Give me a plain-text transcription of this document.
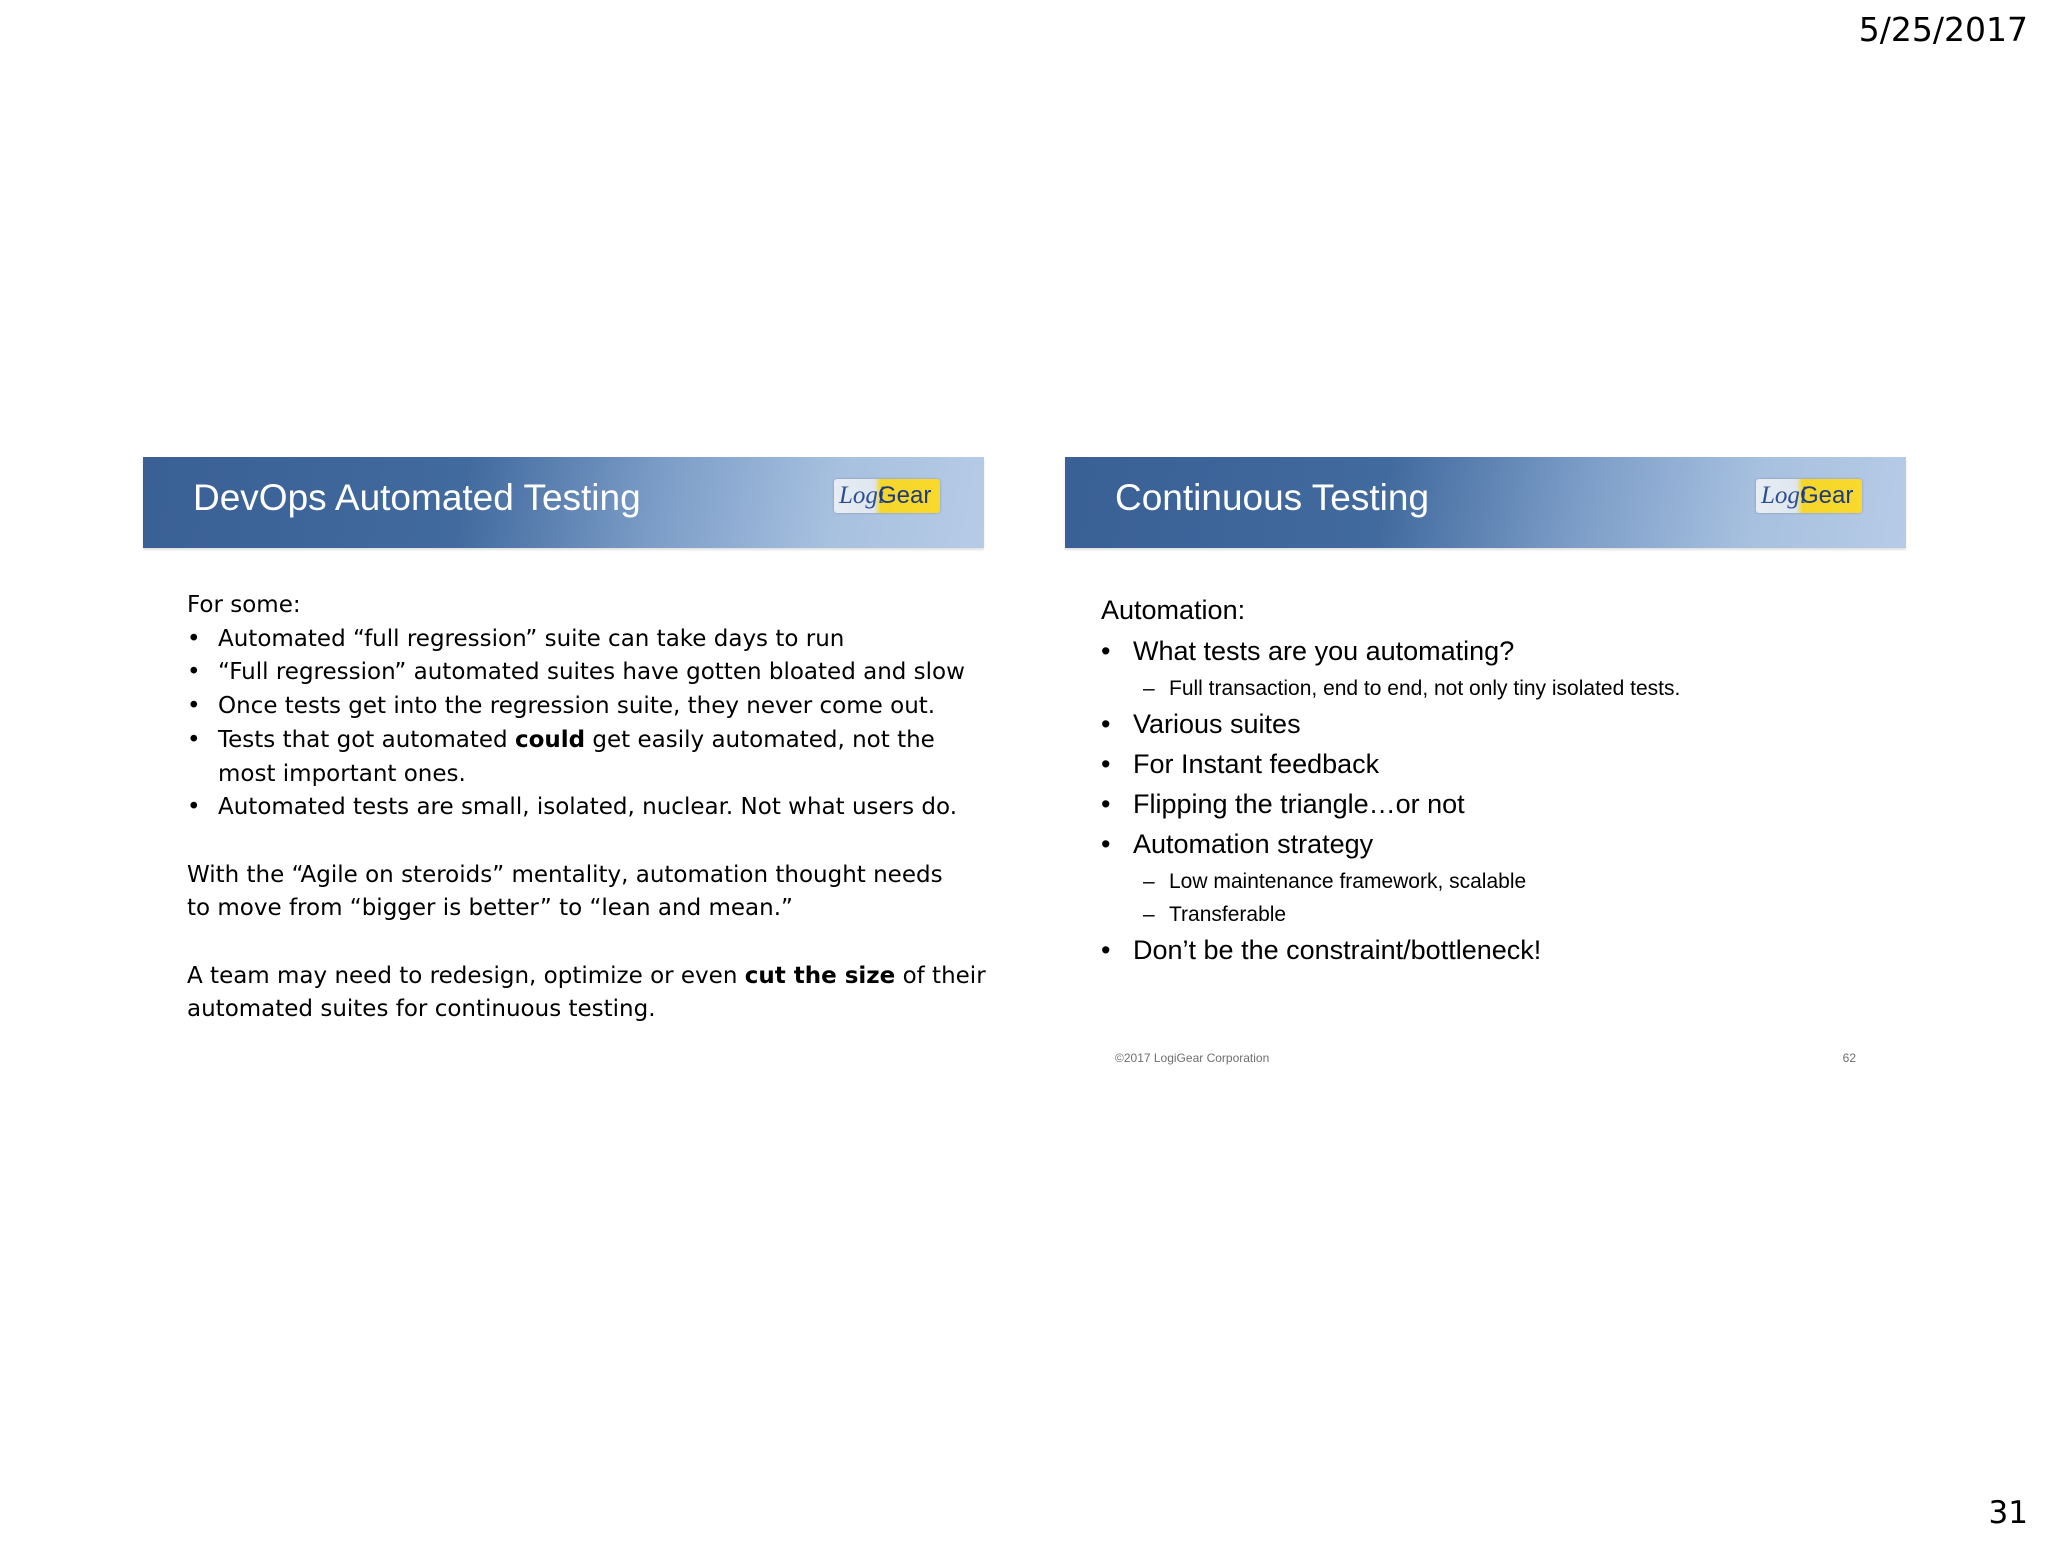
5/25/2017
DevOps Automated Testing	Logi
Gear
For some:
• Automated “full regression” suite can take days to run
• “Full regression” automated suites have gotten bloated and slow
• Once tests get into the regression suite, they never come out.
• Tests that got automated could get easily automated, not the
most important ones.
• Automated tests are small, isolated, nuclear. Not what users do.
With the “Agile on steroids” mentality, automation thought needs
to move from “bigger is better” to “lean and mean.”
A team may need to redesign, optimize or even cut the size of their
automated suites for continuous testing.
Continuous Testing	Logi
Gear
Automation:
• What tests are you automating?
– Full transaction, end to end, not only tiny isolated tests.
• Various suites
• For Instant feedback
• Flipping the triangle…or not
• Automation strategy
– Low maintenance framework, scalable
– Transferable
• Don’t be the constraint/bottleneck!
©2017 LogiGear Corporation	62
31
